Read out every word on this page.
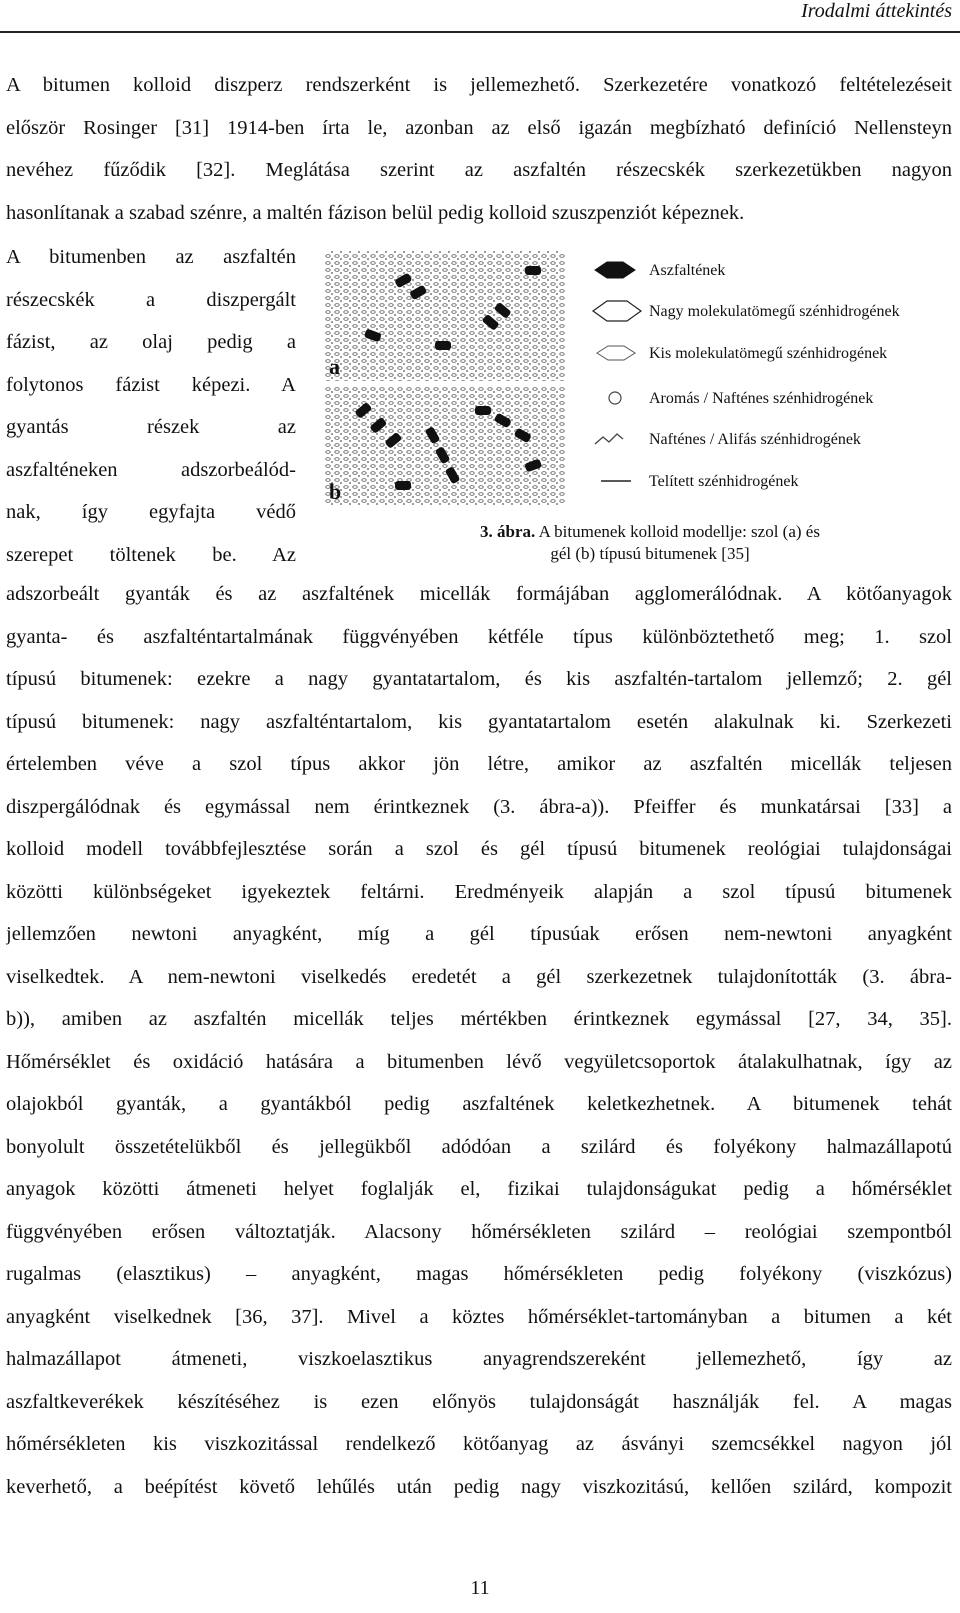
Irodalmi áttekintés
A bitumen kolloid diszperz rendszerként is jellemezhető. Szerkezetére vonatkozó feltételezéseit
először Rosinger [31] 1914-ben írta le, azonban az első igazán megbízható definíció Nellensteyn
nevéhez fűződik [32]. Meglátása szerint az aszfaltén részecskék szerkezetükben nagyon
hasonlítanak a szabad szénre, a maltén fázison belül pedig kolloid szuszpenziót képeznek.
A bitumenben az aszfaltén
részecskék a diszpergált
fázist, az olaj pedig a
folytonos fázist képezi. A
gyantás részek az
aszfalténeken adszorbeálód-
nak, így egyfajta védő
szerepet töltenek be. Az
a
b
Aszfaltének
Nagy molekulatömegű szénhidrogének
Kis molekulatömegű szénhidrogének
Aromás / Nafténes szénhidrogének
Nafténes / Alifás szénhidrogének
Telített szénhidrogének
3. ábra. A bitumenek kolloid modellje: szol (a) és
gél (b) típusú bitumenek [35]
adszorbeált gyanták és az aszfaltének micellák formájában agglomerálódnak. A kötőanyagok
gyanta- és aszfalténtartalmának függvényében kétféle típus különböztethető meg; 1. szol
típusú bitumenek: ezekre a nagy gyantatartalom, és kis aszfaltén-tartalom jellemző; 2. gél
típusú bitumenek: nagy aszfalténtartalom, kis gyantatartalom esetén alakulnak ki. Szerkezeti
értelemben véve a szol típus akkor jön létre, amikor az aszfaltén micellák teljesen
diszpergálódnak és egymással nem érintkeznek (3. ábra-a)). Pfeiffer és munkatársai [33] a
kolloid modell továbbfejlesztése során a szol és gél típusú bitumenek reológiai tulajdonságai
közötti különbségeket igyekeztek feltárni. Eredményeik alapján a szol típusú bitumenek
jellemzően newtoni anyagként, míg a gél típusúak erősen nem-newtoni anyagként
viselkedtek. A nem-newtoni viselkedés eredetét a gél szerkezetnek tulajdonították (3. ábra-
b)), amiben az aszfaltén micellák teljes mértékben érintkeznek egymással [27, 34, 35].
Hőmérséklet és oxidáció hatására a bitumenben lévő vegyületcsoportok átalakulhatnak, így az
olajokból gyanták, a gyantákból pedig aszfaltének keletkezhetnek. A bitumenek tehát
bonyolult összetételükből és jellegükből adódóan a szilárd és folyékony halmazállapotú
anyagok közötti átmeneti helyet foglalják el, fizikai tulajdonságukat pedig a hőmérséklet
függvényében erősen változtatják. Alacsony hőmérsékleten szilárd – reológiai szempontból
rugalmas (elasztikus) – anyagként, magas hőmérsékleten pedig folyékony (viszkózus)
anyagként viselkednek [36, 37]. Mivel a köztes hőmérséklet-tartományban a bitumen a két
halmazállapot átmeneti, viszkoelasztikus anyagrendszereként jellemezhető, így az
aszfaltkeverékek készítéséhez is ezen előnyös tulajdonságát használják fel. A magas
hőmérsékleten kis viszkozitással rendelkező kötőanyag az ásványi szemcsékkel nagyon jól
keverhető, a beépítést követő lehűlés után pedig nagy viszkozitású, kellően szilárd, kompozit
11
